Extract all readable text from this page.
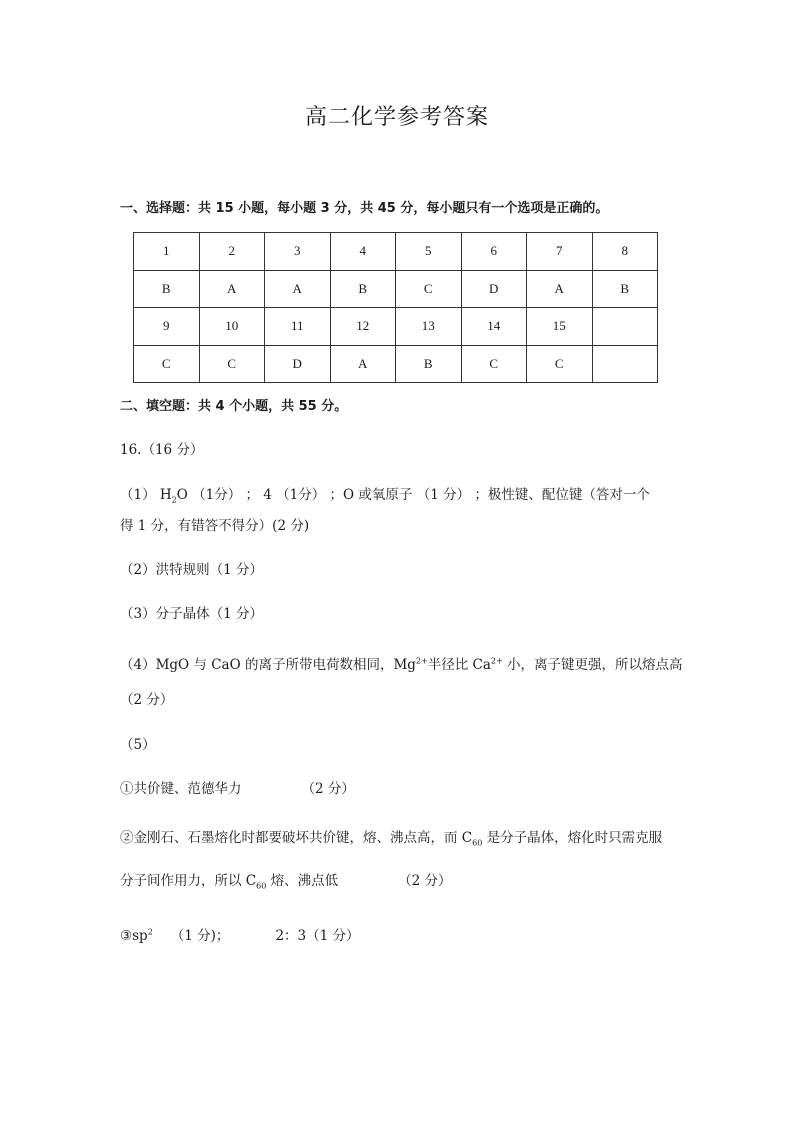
高二化学参考答案
一、选择题：共 15 小题，每小题 3 分，共 45 分，每小题只有一个选项是正确的。
1	2	3	4	5	6	7	8
B	A	A	B	C	D	A	B
9	10	11	12	13	14	15	
C	C	D	A	B	C	C	
二、填空题：共 4 个小题，共 55 分。
16.（16 分）
（1） $H_2O$ （1分） ； 4 （1分） ；O 或氧原子 （1 分） ；极性键、配位键（答对一个
得 1 分，有错答不得分）(2 分)
（2）洪特规则（1 分）
（3）分子晶体（1 分）
（4）MgO 与 CaO 的离子所带电荷数相同，$Mg^{2+}$半径比 $Ca^{2+}$ 小，离子键更强，所以熔点高
（2 分）
（5）
①共价键、范德华力	（2 分）
②金刚石、石墨熔化时都要破坏共价键，熔、沸点高，而 $C_{60}$ 是分子晶体，熔化时只需克服
分子间作用力，所以 $C_{60}$ 熔、沸点低	（2 分）
$③sp^2$ （1 分)；	2：3（1 分）
